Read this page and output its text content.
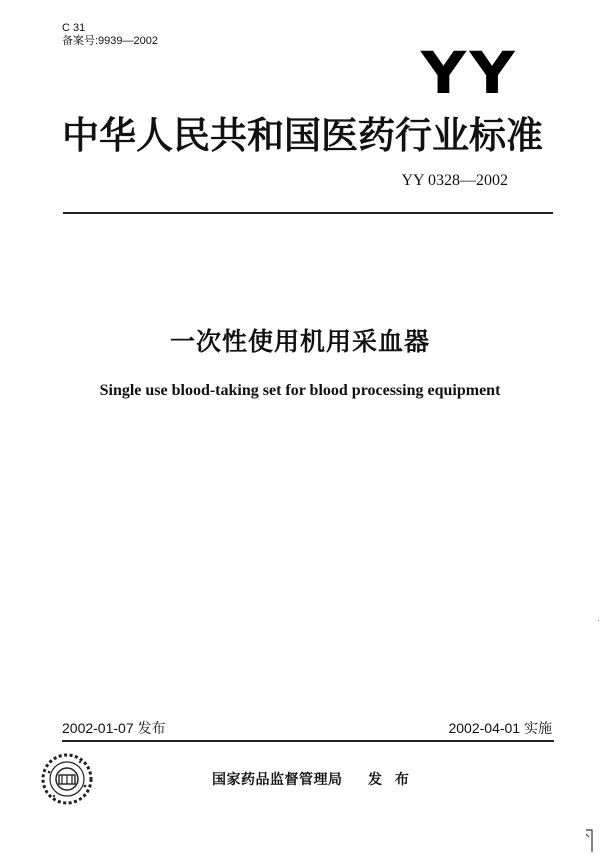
C 31
备案号:9939—2002	YY
中华人民共和国医药行业标准
YY 0328—2002
一次性使用机用采血器
Single use blood-taking set for blood processing equipment
2002-01-07 发布	2002-04-01 实施
国家药品监督管理局 发 布
